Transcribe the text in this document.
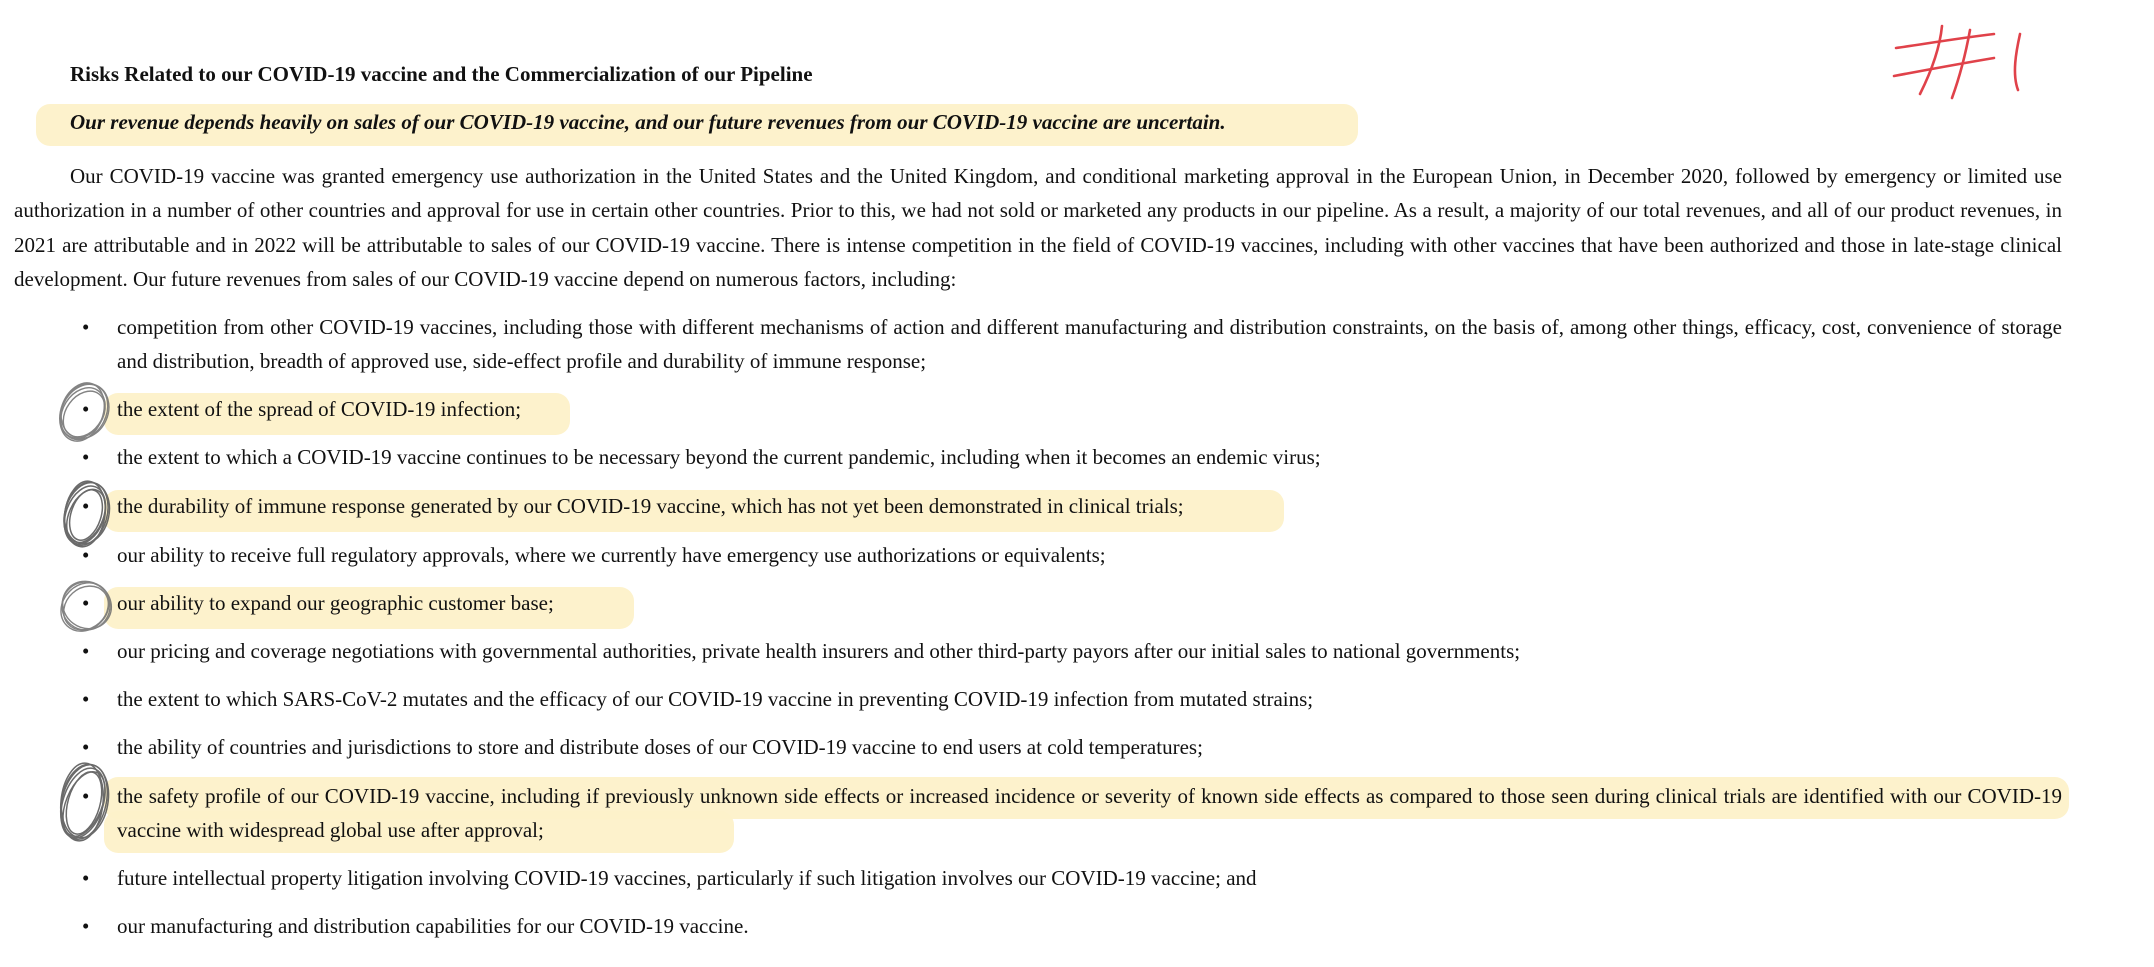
Risks Related to our COVID-19 vaccine and the Commercialization of our Pipeline
Our revenue depends heavily on sales of our COVID-19 vaccine, and our future revenues from our COVID-19 vaccine are uncertain.

Our COVID-19 vaccine was granted emergency use authorization in the United States and the United Kingdom, and conditional marketing approval in the European Union, in December 2020, followed by emergency or limited use authorization in a number of other countries and approval for use in certain other countries. Prior to this, we had not sold or marketed any products in our pipeline. As a result, a majority of our total revenues, and all of our product revenues, in 2021 are attributable and in 2022 will be attributable to sales of our COVID-19 vaccine. There is intense competition in the field of COVID-19 vaccines, including with other vaccines that have been authorized and those in late-stage clinical development. Our future revenues from sales of our COVID-19 vaccine depend on numerous factors, including:

•	competition from other COVID-19 vaccines, including those with different mechanisms of action and different manufacturing and distribution constraints, on the basis of, among other things, efficacy, cost, convenience of storage and distribution, breadth of approved use, side-effect profile and durability of immune response;
•	the extent of the spread of COVID-19 infection;
•	the extent to which a COVID-19 vaccine continues to be necessary beyond the current pandemic, including when it becomes an endemic virus;
•	the durability of immune response generated by our COVID-19 vaccine, which has not yet been demonstrated in clinical trials;
•	our ability to receive full regulatory approvals, where we currently have emergency use authorizations or equivalents;
•	our ability to expand our geographic customer base;
•	our pricing and coverage negotiations with governmental authorities, private health insurers and other third-party payors after our initial sales to national governments;
•	the extent to which SARS-CoV-2 mutates and the efficacy of our COVID-19 vaccine in preventing COVID-19 infection from mutated strains;
•	the ability of countries and jurisdictions to store and distribute doses of our COVID-19 vaccine to end users at cold temperatures;
•	the safety profile of our COVID-19 vaccine, including if previously unknown side effects or increased incidence or severity of known side effects as compared to those seen during clinical trials are identified with our COVID-19 vaccine with widespread global use after approval;
•	future intellectual property litigation involving COVID-19 vaccines, particularly if such litigation involves our COVID-19 vaccine; and
•	our manufacturing and distribution capabilities for our COVID-19 vaccine.
